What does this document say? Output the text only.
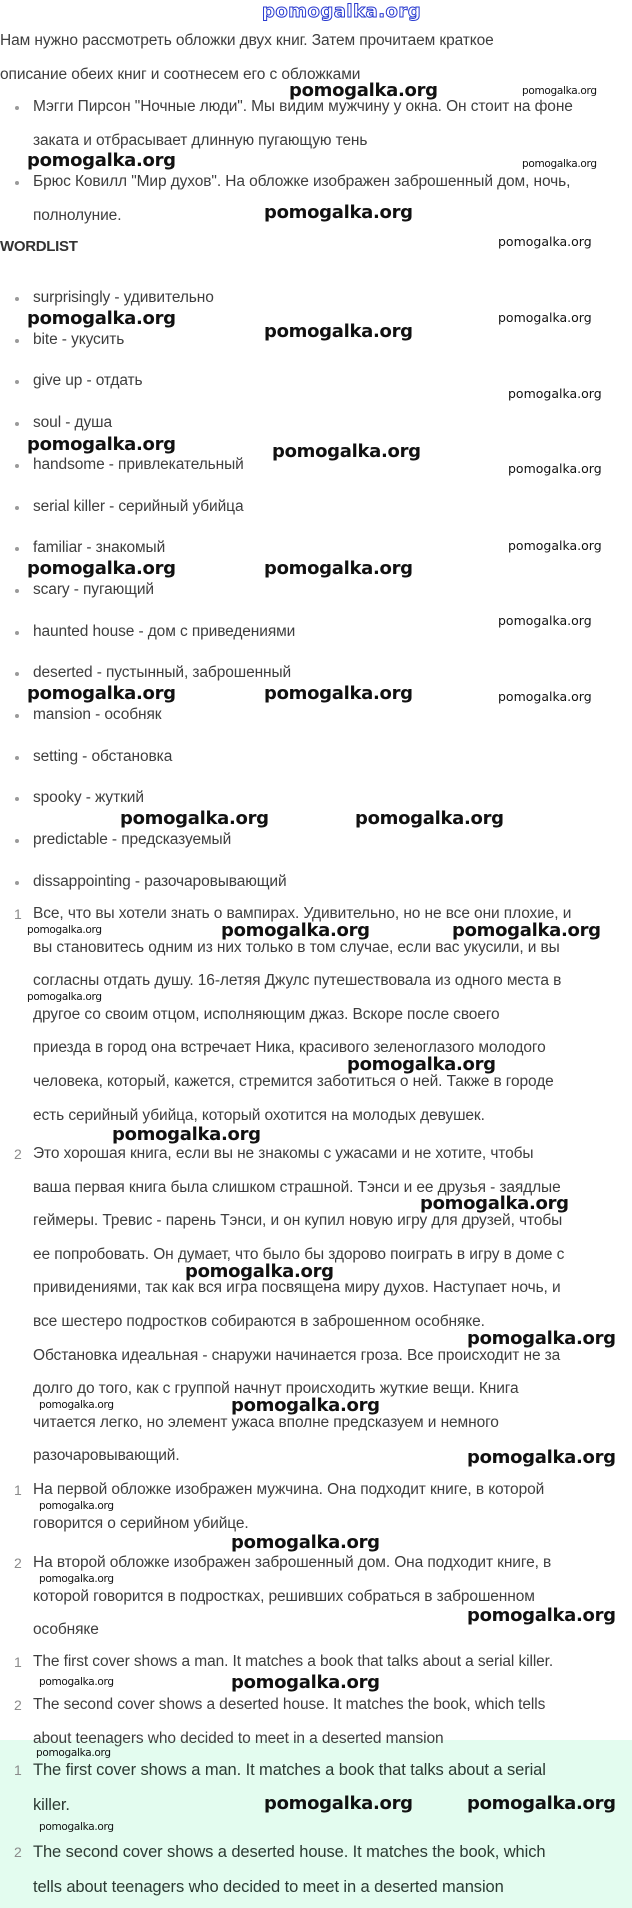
1 The first cover shows a man. It matches a book that talks about a serial
killer.
2 The second cover shows a deserted house. It matches the book, which
tells about teenagers who decided to meet in a deserted mansion
Нам нужно рассмотреть обложки двух книг. Затем прочитаем краткое
описание обеих книг и соотнесем его с обложками
Мэгги Пирсон "Ночные люди". Мы видим мужчину у окна. Он стоит на фоне
заката и отбрасывает длинную пугающую тень
Брюс Ковилл "Мир духов". На обложке изображен заброшенный дом, ночь,
полнолуние.
WORDLIST
surprisingly - удивительно
bite - укусить
give up - отдать
soul - душа
handsome - привлекательный
serial killer - серийный убийца
familiar - знакомый
scary - пугающий
haunted house - дом с приведениями
deserted - пустынный, заброшенный
mansion - особняк
setting - обстановка
spooky - жуткий
predictable - предсказуемый
dissappointing - разочаровывающий
1 Все, что вы хотели знать о вампирах. Удивительно, но не все они плохие, и
вы становитесь одним из них только в том случае, если вас укусили, и вы
согласны отдать душу. 16-летяя Джулс путешествовала из одного места в
другое со своим отцом, исполняющим джаз. Вскоре после своего
приезда в город она встречает Ника, красивого зеленоглазого молодого
человека, который, кажется, стремится заботиться о ней. Также в городе
есть серийный убийца, который охотится на молодых девушек.
2 Это хорошая книга, если вы не знакомы с ужасами и не хотите, чтобы
ваша первая книга была слишком страшной. Тэнси и ее друзья - заядлые
геймеры. Тревис - парень Тэнси, и он купил новую игру для друзей, чтобы
ее попробовать. Он думает, что было бы здорово поиграть в игру в доме с
привидениями, так как вся игра посвящена миру духов. Наступает ночь, и
все шестеро подростков собираются в заброшенном особняке.
Обстановка идеальная - снаружи начинается гроза. Все происходит не за
долго до того, как с группой начнут происходить жуткие вещи. Книга
читается легко, но элемент ужаса вполне предсказуем и немного
разочаровывающий.
1 На первой обложке изображен мужчина. Она подходит книге, в которой
говорится о серийном убийце.
2 На второй обложке изображен заброшенный дом. Она подходит книге, в
которой говорится в подростках, решивших собраться в заброшенном
особняке
1 The first cover shows a man. It matches a book that talks about a serial killer.
2 The second cover shows a deserted house. It matches the book, which tells
about teenagers who decided to meet in a deserted mansion
pomogalka.org
pomogalka.org
pomogalka.org
pomogalka.org
pomogalka.org
pomogalka.org
pomogalka.org	pomogalka.org
pomogalka.org	pomogalka.org
pomogalka.org	pomogalka.org
pomogalka.org	pomogalka.org
pomogalka.org	pomogalka.org
pomogalka.org
pomogalka.org
pomogalka.org
pomogalka.org
pomogalka.org
pomogalka.org
pomogalka.org
pomogalka.org
pomogalka.org
pomogalka.org
pomogalka.org
pomogalka.org
pomogalka.org
pomogalka.org
pomogalka.org
pomogalka.org
pomogalka.org
pomogalka.org
pomogalka.org
pomogalka.org
pomogalka.org
pomogalka.org
pomogalka.org
pomogalka.org
pomogalka.org
pomogalka.org
pomogalka.org
pomogalka.org
pomogalka.org
